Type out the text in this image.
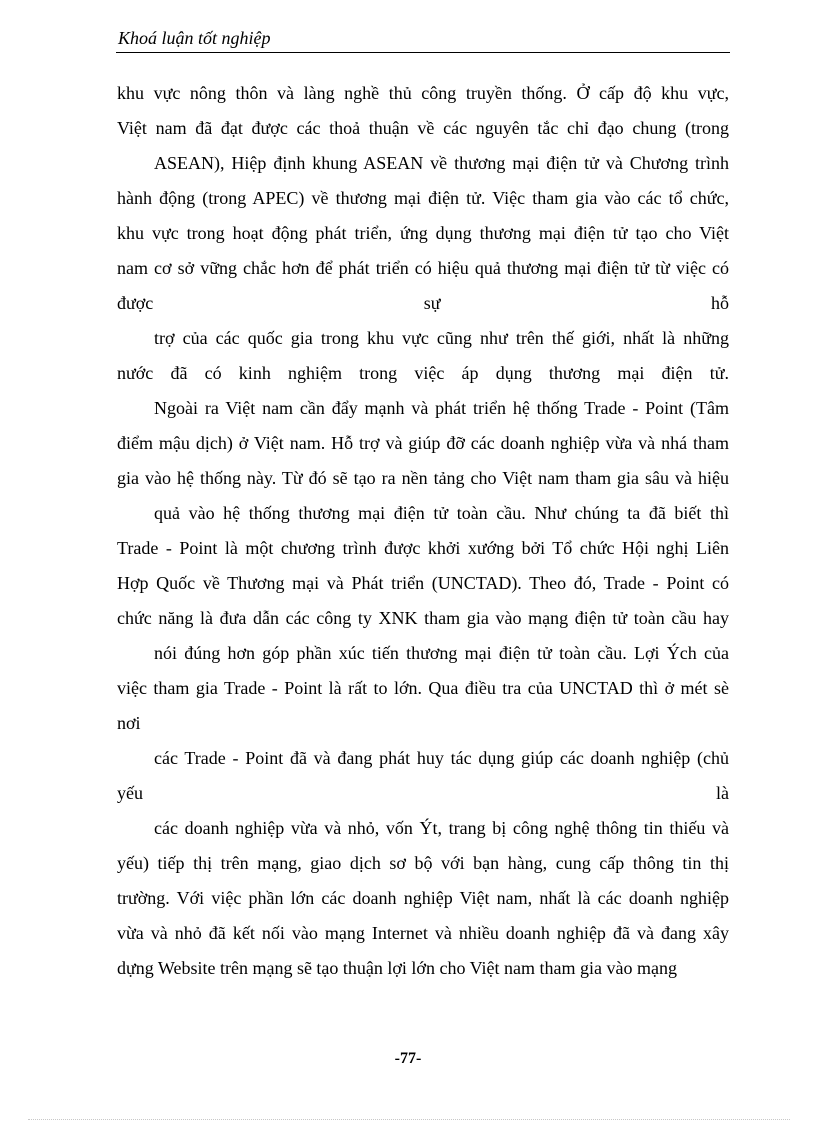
Khoá luận tốt nghiệp
khu vực nông thôn và làng nghề thủ công truyền thống. Ở cấp độ khu vực,
Việt nam đã đạt được các thoả thuận về các nguyên tắc chỉ đạo chung (trong
ASEAN), Hiệp định khung ASEAN về thương mại điện tử và Chương trình
hành động (trong APEC) về thương mại điện tử. Việc tham gia vào các tổ chức,
khu vực trong hoạt động phát triển, ứng dụng thương mại điện tử tạo cho Việt
nam cơ sở vững chắc hơn để phát triển có hiệu quả thương mại điện tử từ việc có
được sự hỗ
trợ của các quốc gia trong khu vực cũng như trên thế giới, nhất là những
nước đã có kinh nghiệm trong việc áp dụng thương mại điện tử.
Ngoài ra Việt nam cần đẩy mạnh và phát triển hệ thống Trade - Point (Tâm
điểm mậu dịch) ở Việt nam. Hỗ trợ và giúp đỡ các doanh nghiệp vừa và nhá tham
gia vào hệ thống này. Từ đó sẽ tạo ra nền tảng cho Việt nam tham gia sâu và hiệu
quả vào hệ thống thương mại điện tử toàn cầu. Như chúng ta đã biết thì
Trade - Point là một chương trình được khởi xướng bởi Tổ chức Hội nghị Liên
Hợp Quốc về Thương mại và Phát triển (UNCTAD). Theo đó, Trade - Point có
chức năng là đưa dẫn các công ty XNK tham gia vào mạng điện tử toàn cầu hay
nói đúng hơn góp phần xúc tiến thương mại điện tử toàn cầu. Lợi Ých của
việc tham gia Trade - Point là rất to lớn. Qua điều tra của UNCTAD thì ở mét sè
nơi
các Trade - Point đã và đang phát huy tác dụng giúp các doanh nghiệp (chủ
yếu là
các doanh nghiệp vừa và nhỏ, vốn Ýt, trang bị công nghệ thông tin thiếu và
yếu) tiếp thị trên mạng, giao dịch sơ bộ với bạn hàng, cung cấp thông tin thị
trường. Với việc phần lớn các doanh nghiệp Việt nam, nhất là các doanh nghiệp
vừa và nhỏ đã kết nối vào mạng Internet và nhiều doanh nghiệp đã và đang xây
dựng Website trên mạng sẽ tạo thuận lợi lớn cho Việt nam tham gia vào mạng
-77-
